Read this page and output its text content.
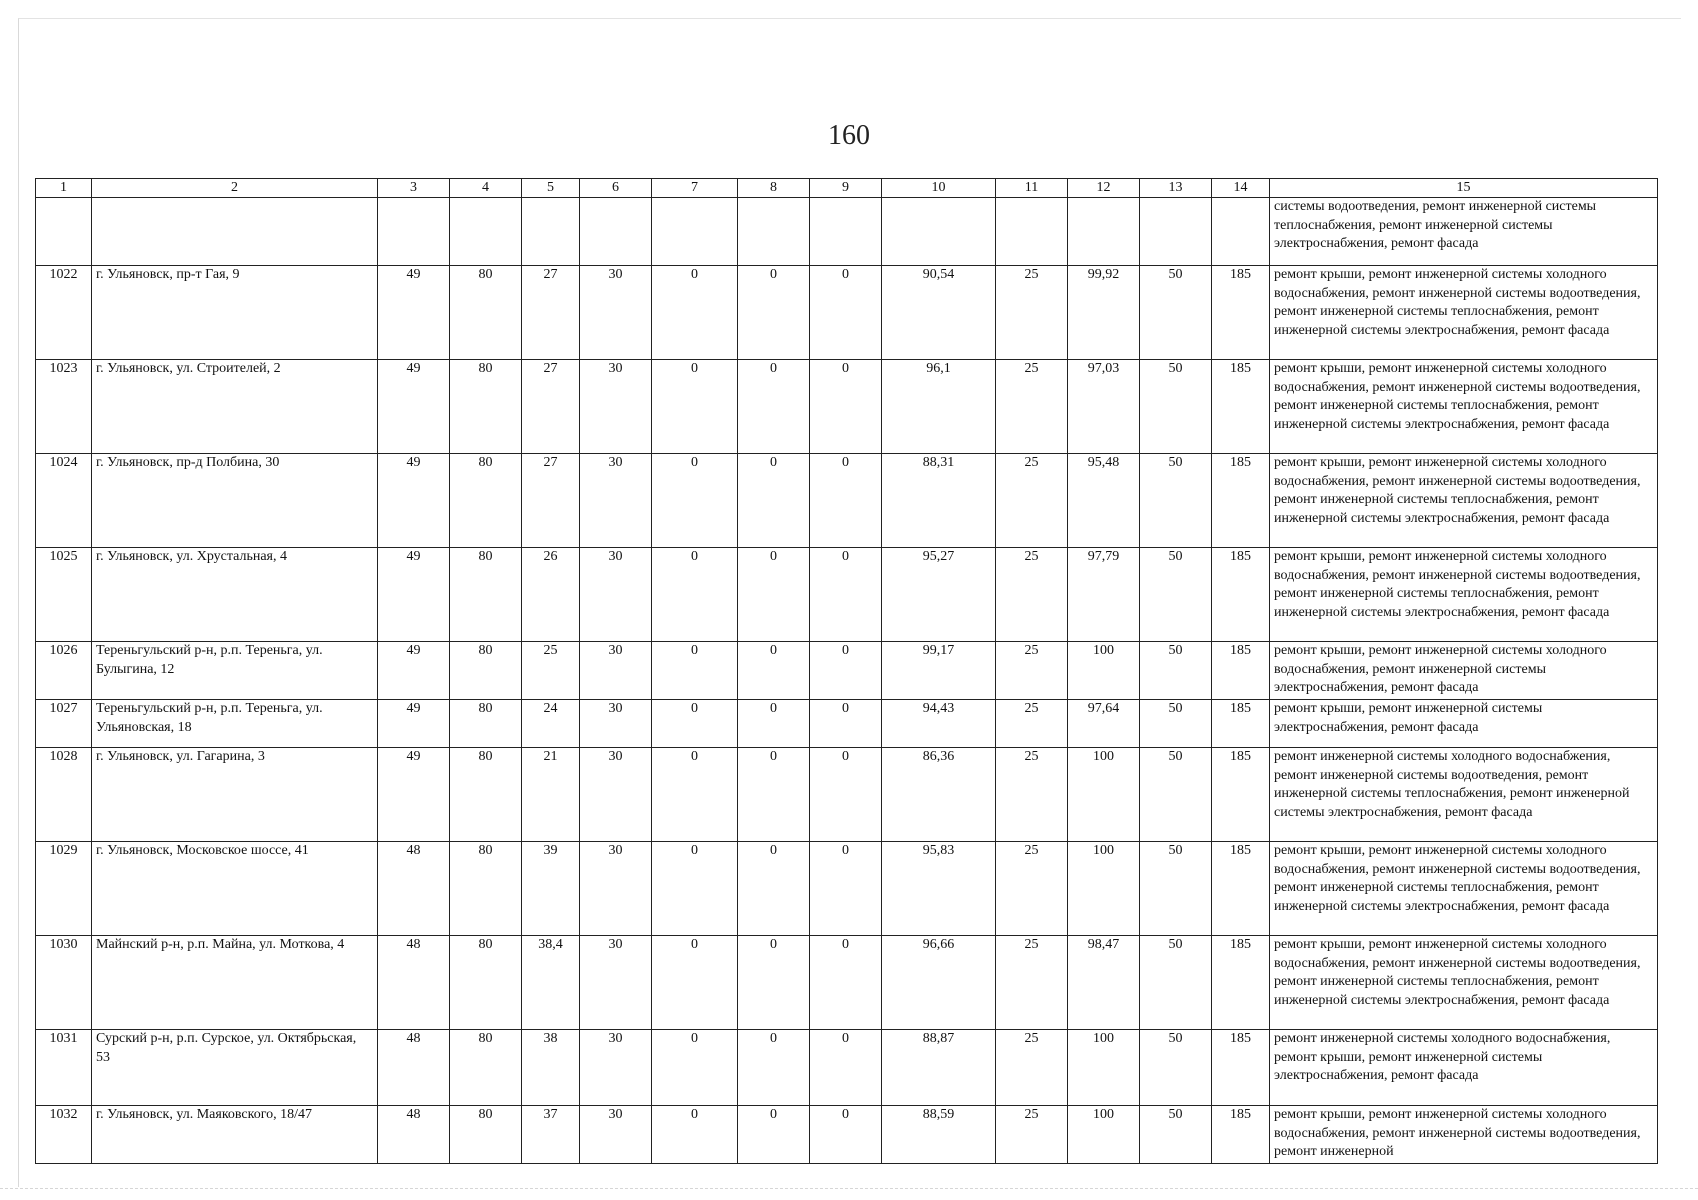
160
1	2	3	4	5	6	7	8	9	10	11	12	13	14	15
														системы водоотведения, ремонт инженерной системы теплоснабжения, ремонт инженерной системы электроснабжения, ремонт фасада
1022	г. Ульяновск, пр-т Гая, 9	49	80	27	30	0	0	0	90,54	25	99,92	50	185	ремонт крыши, ремонт инженерной системы холодного водоснабжения, ремонт инженерной системы водоотведения, ремонт инженерной системы теплоснабжения, ремонт инженерной системы электроснабжения, ремонт фасада
1023	г. Ульяновск, ул. Строителей, 2	49	80	27	30	0	0	0	96,1	25	97,03	50	185	ремонт крыши, ремонт инженерной системы холодного водоснабжения, ремонт инженерной системы водоотведения, ремонт инженерной системы теплоснабжения, ремонт инженерной системы электроснабжения, ремонт фасада
1024	г. Ульяновск, пр-д Полбина, 30	49	80	27	30	0	0	0	88,31	25	95,48	50	185	ремонт крыши, ремонт инженерной системы холодного водоснабжения, ремонт инженерной системы водоотведения, ремонт инженерной системы теплоснабжения, ремонт инженерной системы электроснабжения, ремонт фасада
1025	г. Ульяновск, ул. Хрустальная, 4	49	80	26	30	0	0	0	95,27	25	97,79	50	185	ремонт крыши, ремонт инженерной системы холодного водоснабжения, ремонт инженерной системы водоотведения, ремонт инженерной системы теплоснабжения, ремонт инженерной системы электроснабжения, ремонт фасада
1026	Тереньгульский р-н, р.п. Тереньга, ул. Булыгина, 12	49	80	25	30	0	0	0	99,17	25	100	50	185	ремонт крыши, ремонт инженерной системы холодного водоснабжения, ремонт инженерной системы электроснабжения, ремонт фасада
1027	Тереньгульский р-н, р.п. Тереньга, ул. Ульяновская, 18	49	80	24	30	0	0	0	94,43	25	97,64	50	185	ремонт крыши, ремонт инженерной системы электроснабжения, ремонт фасада
1028	г. Ульяновск, ул. Гагарина, 3	49	80	21	30	0	0	0	86,36	25	100	50	185	ремонт инженерной системы холодного водоснабжения, ремонт инженерной системы водоотведения, ремонт инженерной системы теплоснабжения, ремонт инженерной системы электроснабжения, ремонт фасада
1029	г. Ульяновск, Московское шоссе, 41	48	80	39	30	0	0	0	95,83	25	100	50	185	ремонт крыши, ремонт инженерной системы холодного водоснабжения, ремонт инженерной системы водоотведения, ремонт инженерной системы теплоснабжения, ремонт инженерной системы электроснабжения, ремонт фасада
1030	Майнский р-н, р.п. Майна, ул. Моткова, 4	48	80	38,4	30	0	0	0	96,66	25	98,47	50	185	ремонт крыши, ремонт инженерной системы холодного водоснабжения, ремонт инженерной системы водоотведения, ремонт инженерной системы теплоснабжения, ремонт инженерной системы электроснабжения, ремонт фасада
1031	Сурский р-н, р.п. Сурское, ул. Октябрьская, 53	48	80	38	30	0	0	0	88,87	25	100	50	185	ремонт инженерной системы холодного водоснабжения, ремонт крыши, ремонт инженерной системы электроснабжения, ремонт фасада
1032	г. Ульяновск, ул. Маяковского, 18/47	48	80	37	30	0	0	0	88,59	25	100	50	185	ремонт крыши, ремонт инженерной системы холодного водоснабжения, ремонт инженерной системы водоотведения, ремонт инженерной
